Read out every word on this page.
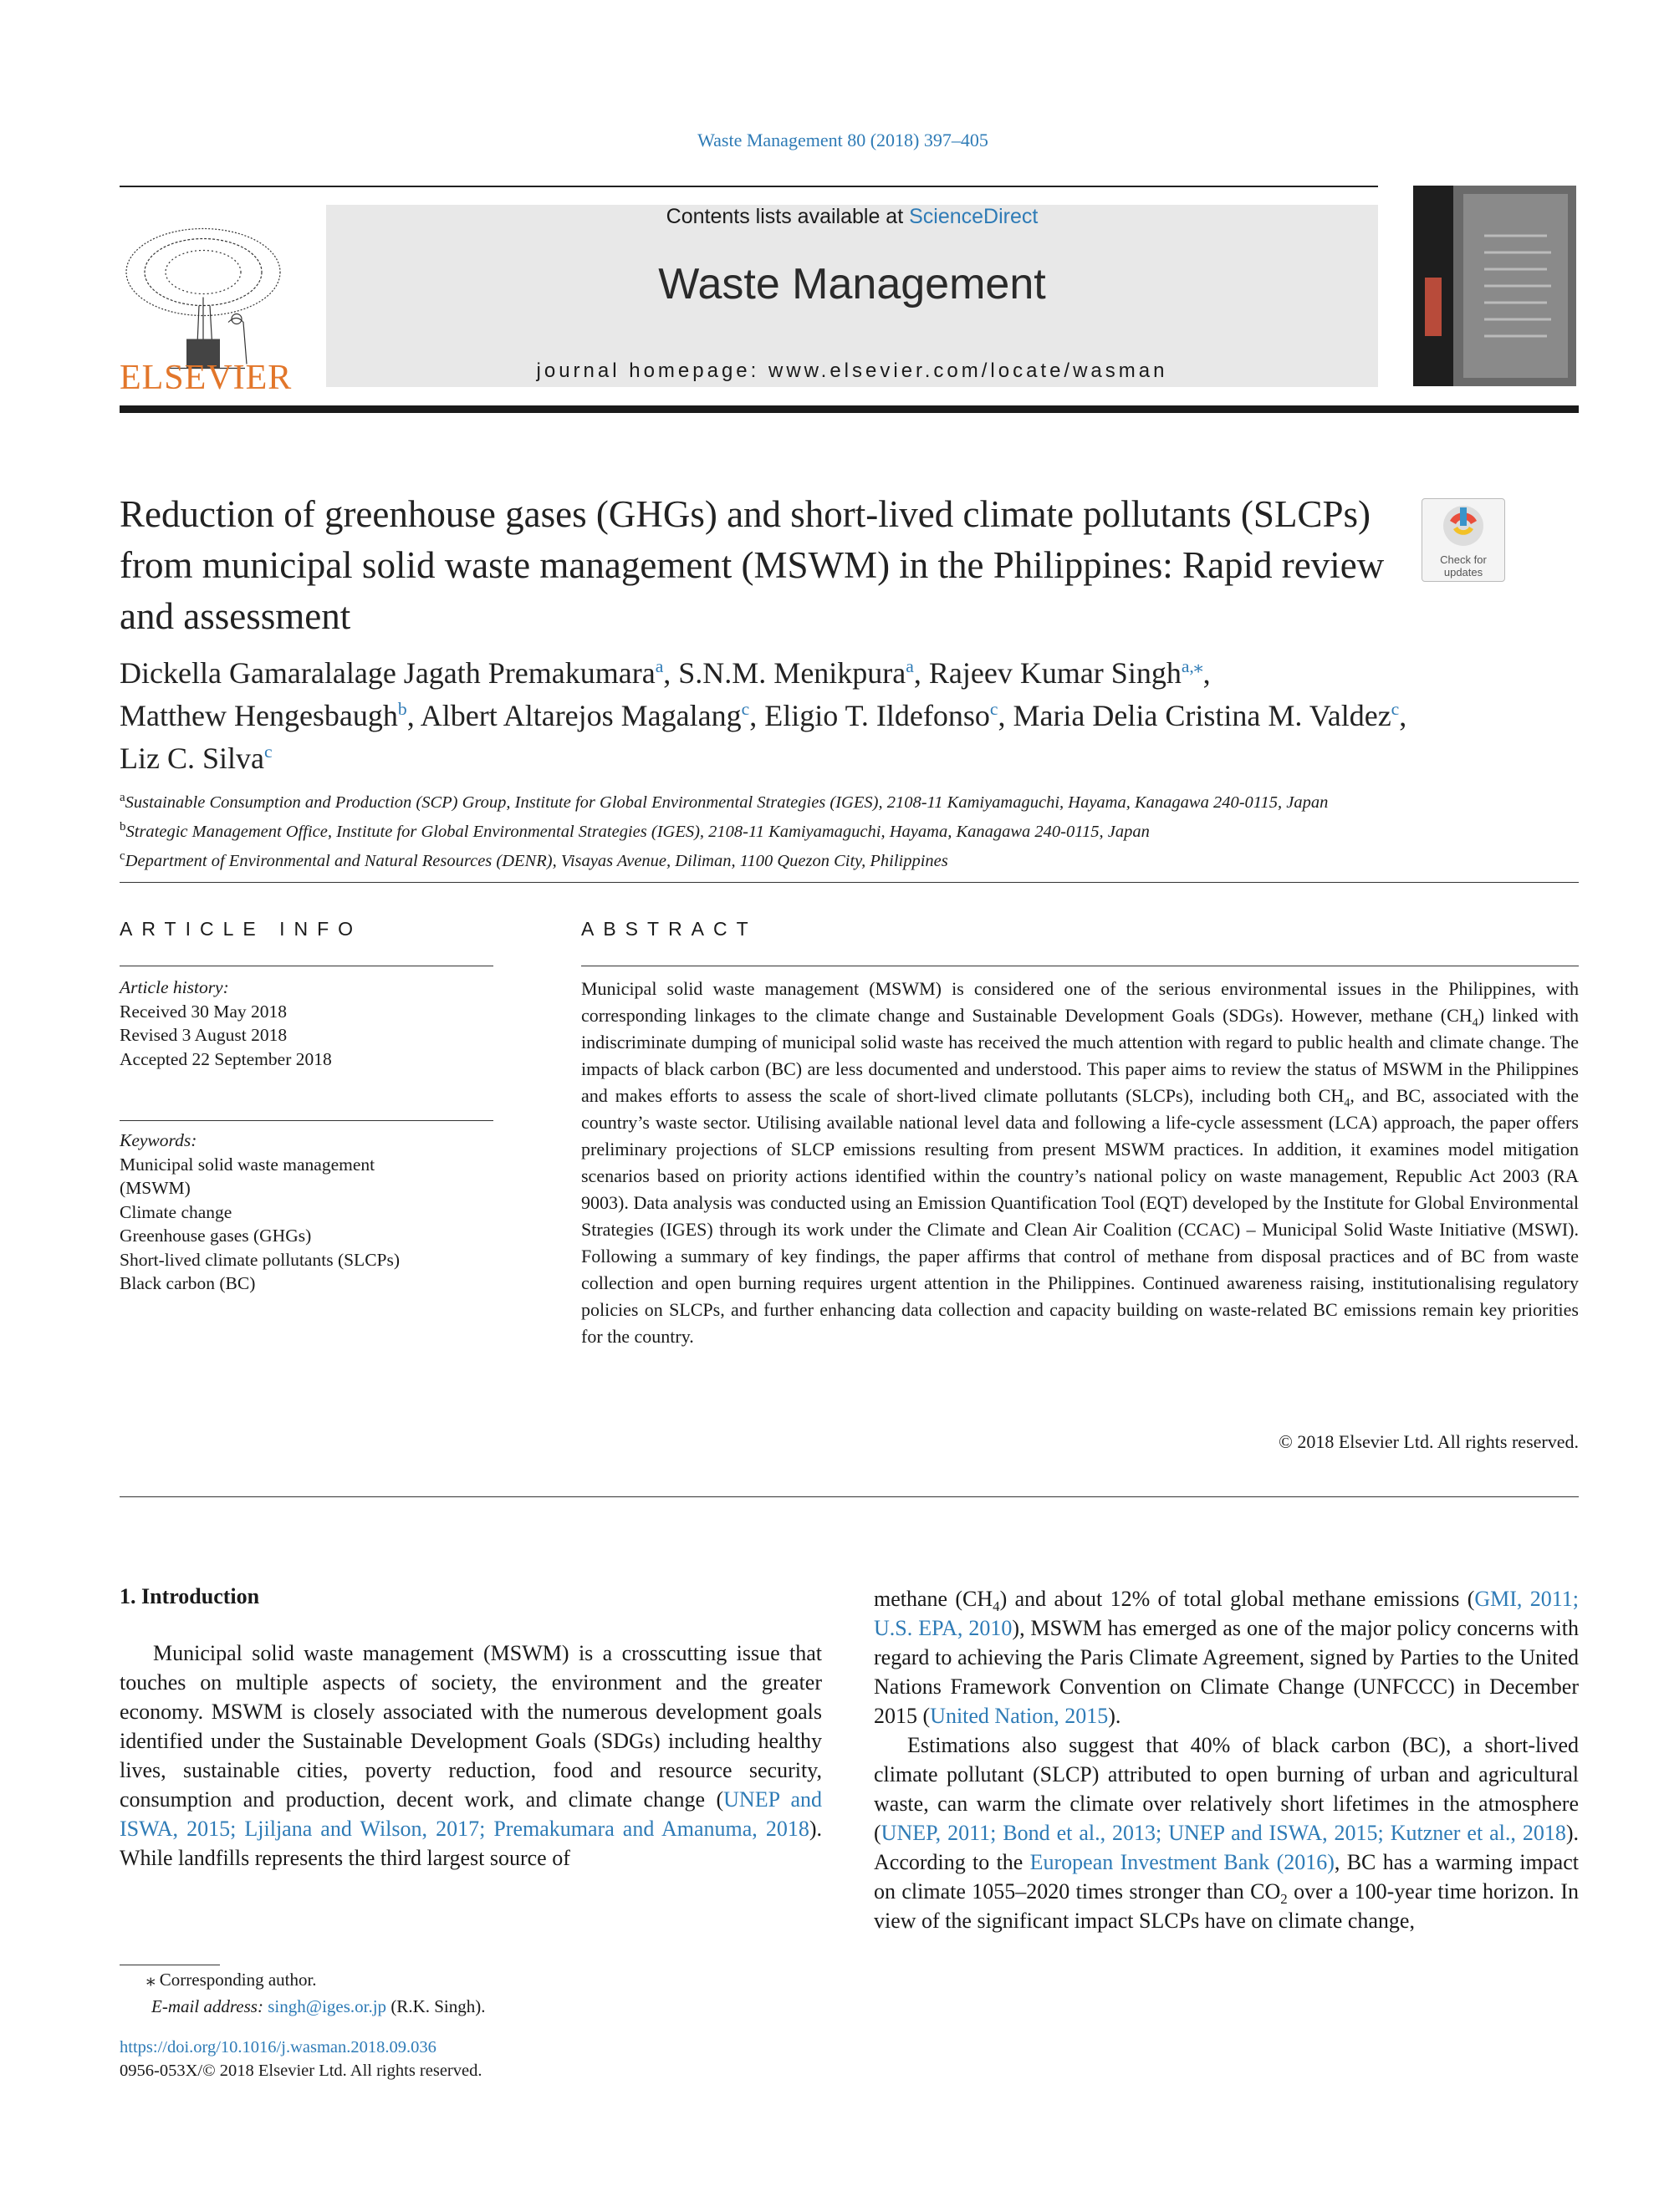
Waste Management 80 (2018) 397–405
ELSEVIER
Contents lists available at ScienceDirect
Waste Management
journal homepage: www.elsevier.com/locate/wasman
Reduction of greenhouse gases (GHGs) and short-lived climate pollutants (SLCPs) from municipal solid waste management (MSWM) in the Philippines: Rapid review and assessment
Check for
updates
Dickella Gamaralalage Jagath Premakumara$^a$, S.N.M. Menikpura$^a$, Rajeev Kumar Singh$^{a,⁎}$,
Matthew Hengesbaugh$^b$, Albert Altarejos Magalang$^c$, Eligio T. Ildefonso$^c$, Maria Delia Cristina M. Valdez$^c$,
Liz C. Silva$^c$
$^a$Sustainable Consumption and Production (SCP) Group, Institute for Global Environmental Strategies (IGES), 2108-11 Kamiyamaguchi, Hayama, Kanagawa 240-0115, Japan
$^b$Strategic Management Office, Institute for Global Environmental Strategies (IGES), 2108-11 Kamiyamaguchi, Hayama, Kanagawa 240-0115, Japan
$^c$Department of Environmental and Natural Resources (DENR), Visayas Avenue, Diliman, 1100 Quezon City, Philippines
ARTICLE INFO	ABSTRACT
Article history:
Received 30 May 2018
Revised 3 August 2018
Accepted 22 September 2018
Keywords:
Municipal solid waste management
(MSWM)
Climate change
Greenhouse gases (GHGs)
Short-lived climate pollutants (SLCPs)
Black carbon (BC)

Municipal solid waste management (MSWM) is considered one of the serious environmental issues in the Philippines, with corresponding linkages to the climate change and Sustainable Development Goals (SDGs). However, methane $(CH_4)$ linked with indiscriminate dumping of municipal solid waste has received the much attention with regard to public health and climate change. The impacts of black carbon (BC) are less documented and understood. This paper aims to review the status of MSWM in the Philippines and makes efforts to assess the scale of short-lived climate pollutants (SLCPs), including both $CH_4$, and BC, associated with the country’s waste sector. Utilising available national level data and following a life-cycle assessment (LCA) approach, the paper offers preliminary projections of SLCP emissions resulting from present MSWM practices. In addition, it examines model mitigation scenarios based on priority actions identified within the country’s national policy on waste management, Republic Act 2003 (RA 9003). Data analysis was conducted using an Emission Quantification Tool (EQT) developed by the Institute for Global Environmental Strategies (IGES) through its work under the Climate and Clean Air Coalition (CCAC) – Municipal Solid Waste Initiative (MSWI). Following a summary of key findings, the paper affirms that control of methane from disposal practices and of BC from waste collection and open burning requires urgent attention in the Philippines. Continued awareness raising, institutionalising regulatory policies on SLCPs, and further enhancing data collection and capacity building on waste-related BC emissions remain key priorities for the country.

© 2018 Elsevier Ltd. All rights reserved.
1. Introduction

Municipal solid waste management (MSWM) is a crosscutting issue that touches on multiple aspects of society, the environment and the greater economy. MSWM is closely associated with the numerous development goals identified under the Sustainable Development Goals (SDGs) including healthy lives, sustainable cities, poverty reduction, food and resource security, consumption and production, decent work, and climate change (UNEP and ISWA, 2015; Ljiljana and Wilson, 2017; Premakumara and Amanuma, 2018). While landfills represents the third largest source of

methane $(CH_4)$ and about 12% of total global methane emissions (GMI, 2011; U.S. EPA, 2010), MSWM has emerged as one of the major policy concerns with regard to achieving the Paris Climate Agreement, signed by Parties to the United Nations Framework Convention on Climate Change (UNFCCC) in December 2015 (United Nation, 2015).

Estimations also suggest that 40% of black carbon (BC), a short-lived climate pollutant (SLCP) attributed to open burning of urban and agricultural waste, can warm the climate over relatively short lifetimes in the atmosphere (UNEP, 2011; Bond et al., 2013; UNEP and ISWA, 2015; Kutzner et al., 2018). According to the European Investment Bank (2016), BC has a warming impact on climate 1055–2020 times stronger than $CO_2$ over a 100-year time horizon. In view of the significant impact SLCPs have on climate change,

⁎ Corresponding author.
E-mail address: singh@iges.or.jp (R.K. Singh).
https://doi.org/10.1016/j.wasman.2018.09.036
0956-053X/© 2018 Elsevier Ltd. All rights reserved.
